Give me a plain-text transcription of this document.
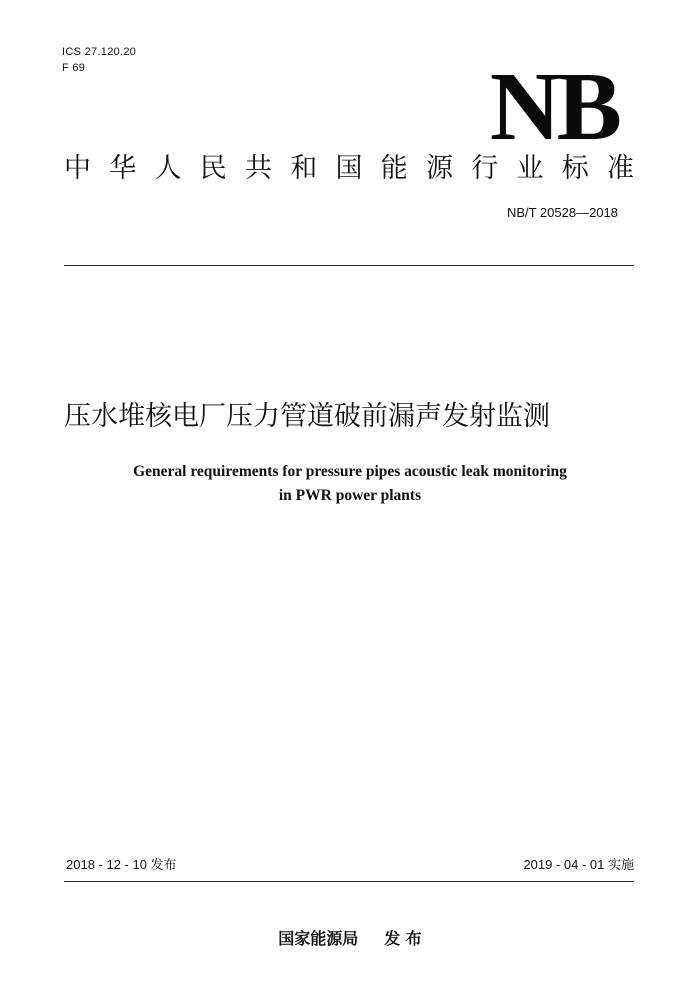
ICS 27.120.20
F 69	NB
中 华 人 民 共 和 国 能 源 行 业 标 准
NB/T 20528—2018
压水堆核电厂压力管道破前漏声发射监测
General requirements for pressure pipes acoustic leak monitoring
in PWR power plants
2018 - 12 - 10 发布	2019 - 04 - 01 实施
国家能源局 发 布
